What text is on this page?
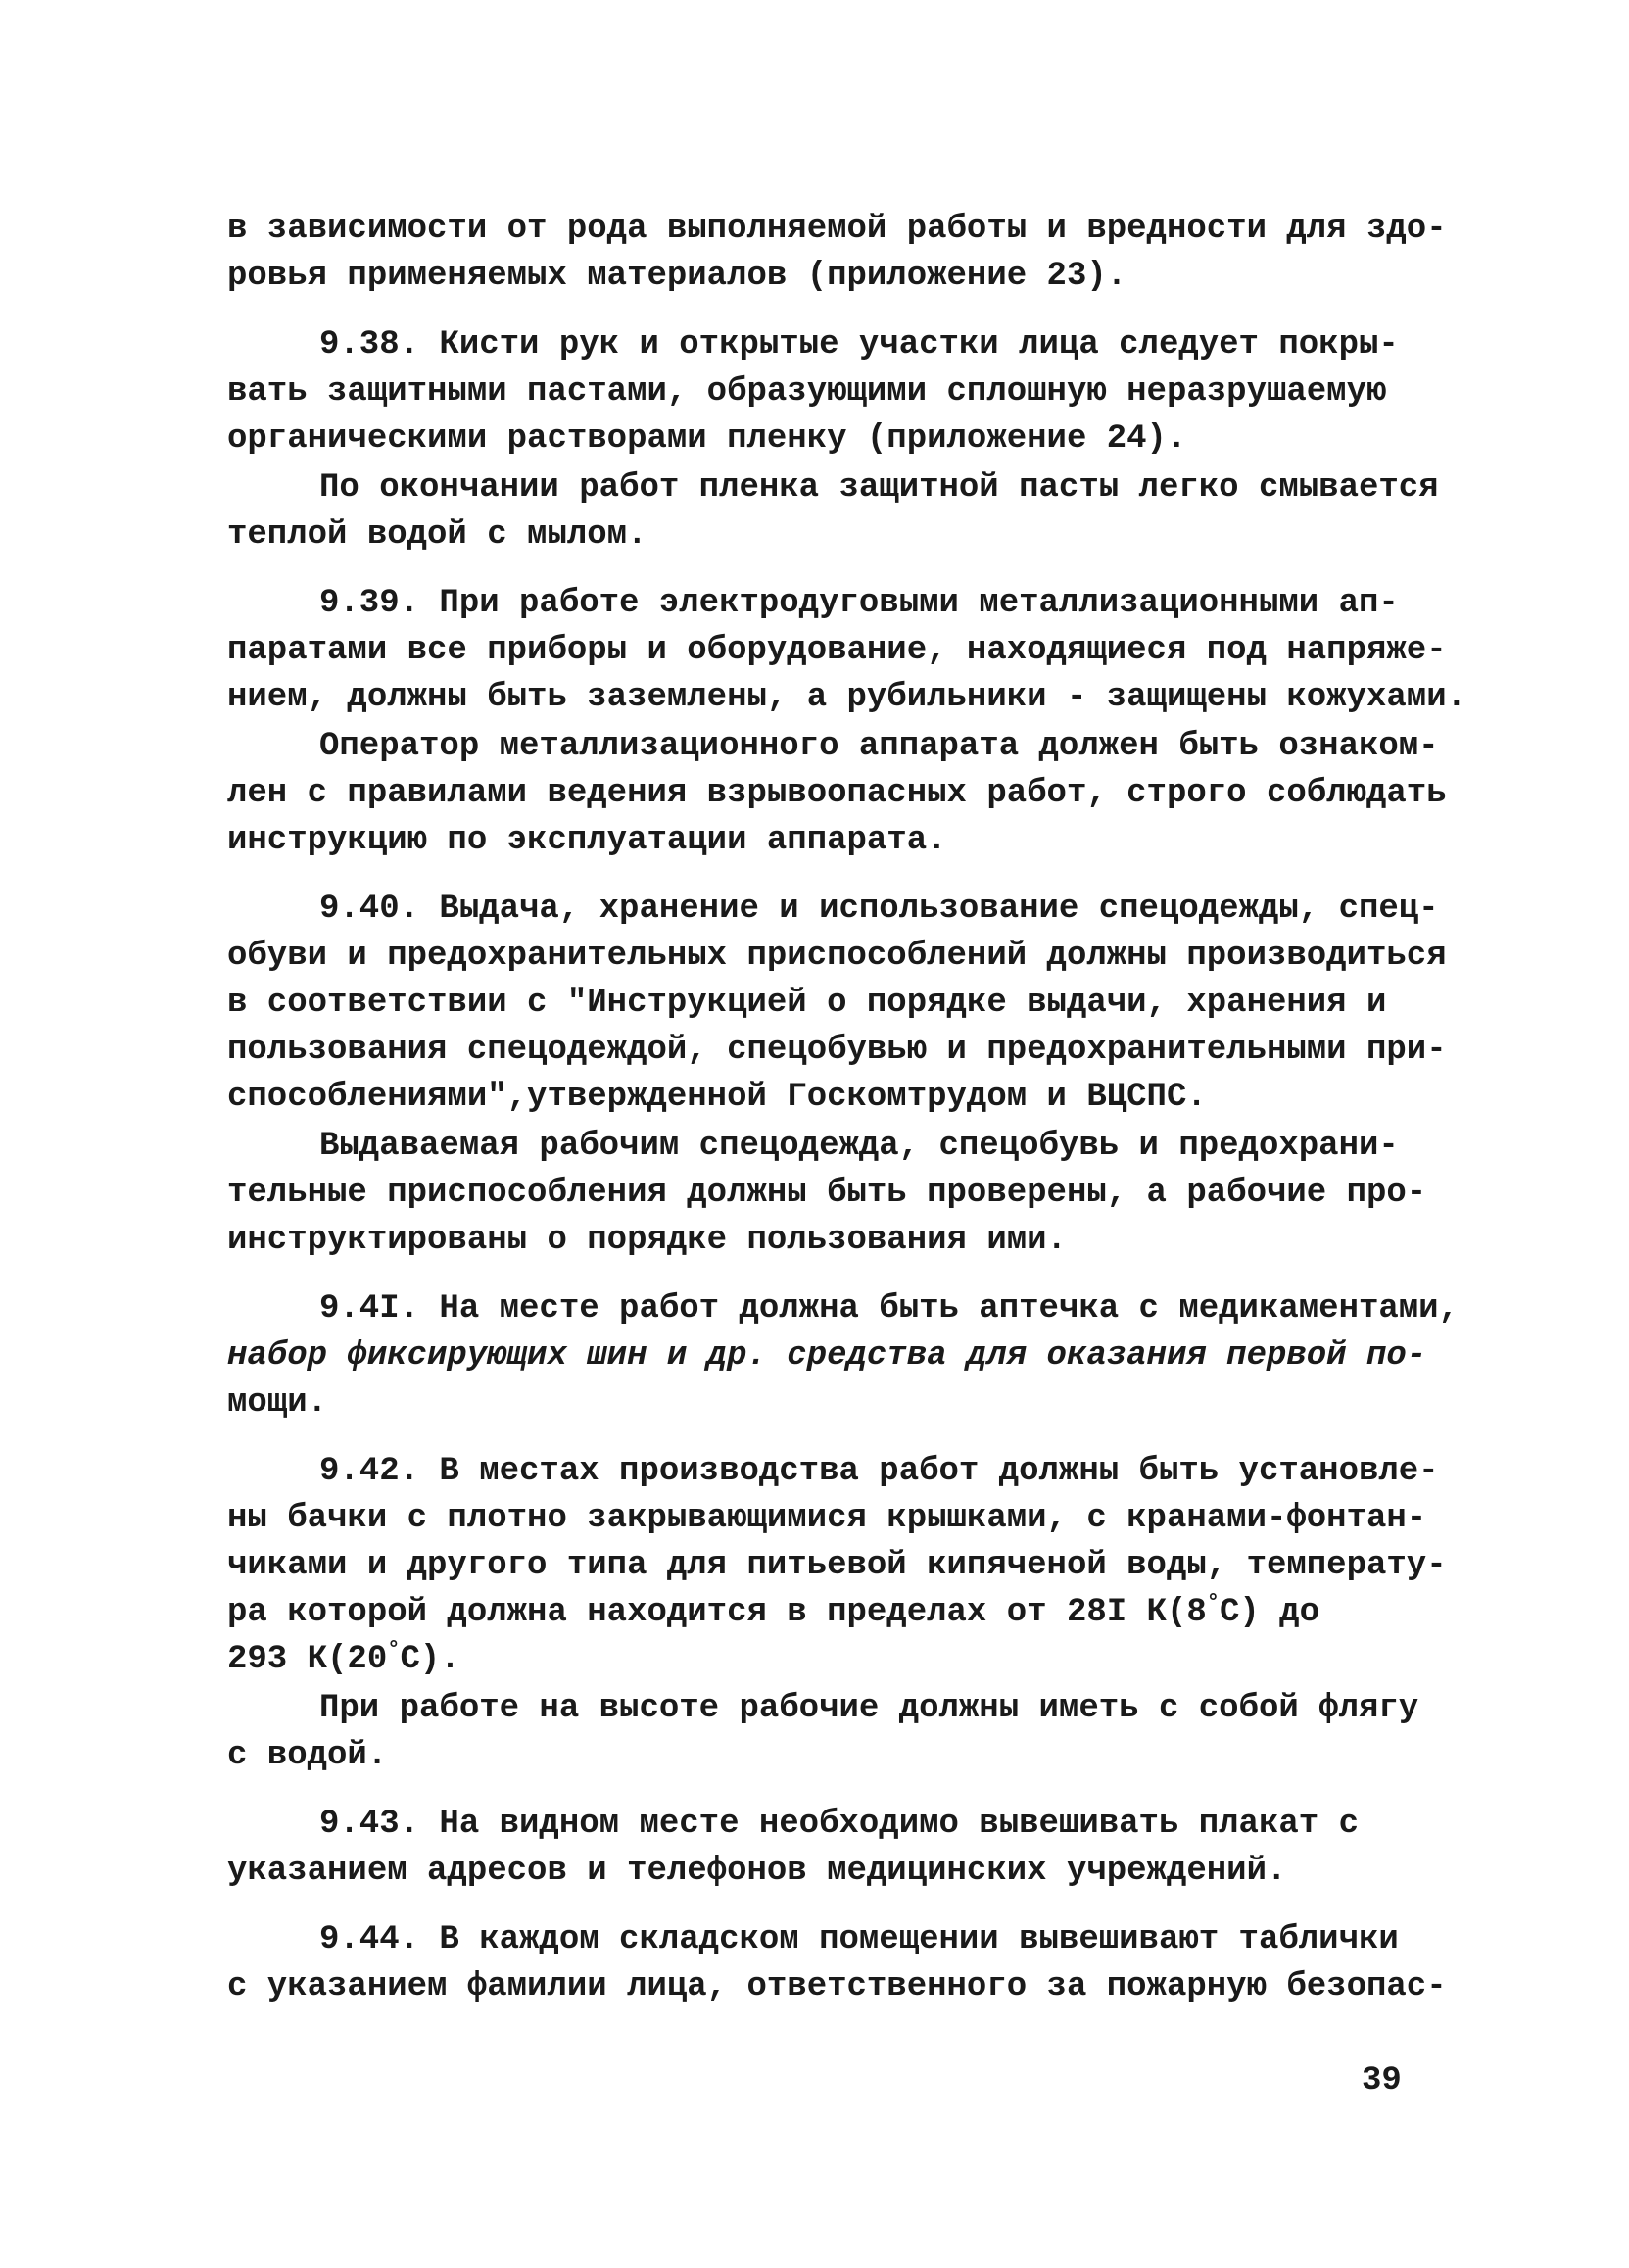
в зависимости от рода выполняемой работы и вредности для здо-
ровья применяемых материалов (приложение 23).
9.38. Кисти рук и открытые участки лица следует покры-
вать защитными пастами, образующими сплошную неразрушаемую
органическими растворами пленку (приложение 24).
По окончании работ пленка защитной пасты легко смывается
теплой водой с мылом.
9.39. При работе электродуговыми металлизационными ап-
паратами все приборы и оборудование, находящиеся под напряже-
нием, должны быть заземлены, а рубильники - защищены кожухами.
Оператор металлизационного аппарата должен быть ознаком-
лен с правилами ведения взрывоопасных работ, строго соблюдать
инструкцию по эксплуатации аппарата.
9.40. Выдача, хранение и использование спецодежды, спец-
обуви и предохранительных приспособлений должны производиться
в соответствии с "Инструкцией о порядке выдачи, хранения и
пользования спецодеждой, спецобувью и предохранительными при-
способлениями",утвержденной Госкомтрудом и ВЦСПС.
Выдаваемая рабочим спецодежда, спецобувь и предохрани-
тельные приспособления должны быть проверены, а рабочие про-
инструктированы о порядке пользования ими.
9.4I. На месте работ должна быть аптечка с медикаментами,
набор фиксирующих шин и др. средства для оказания первой по-
мощи.
9.42. В местах производства работ должны быть установле-
ны бачки с плотно закрывающимися крышками, с кранами-фонтан-
чиками и другого типа для питьевой кипяченой воды, температу-
ра которой должна находится в пределах от 28I К(8°С) до
293 К(20°С).
При работе на высоте рабочие должны иметь с собой флягу
с водой.
9.43. На видном месте необходимо вывешивать плакат с
указанием адресов и телефонов медицинских учреждений.
9.44. В каждом складском помещении вывешивают таблички
с указанием фамилии лица, ответственного за пожарную безопас-
39
